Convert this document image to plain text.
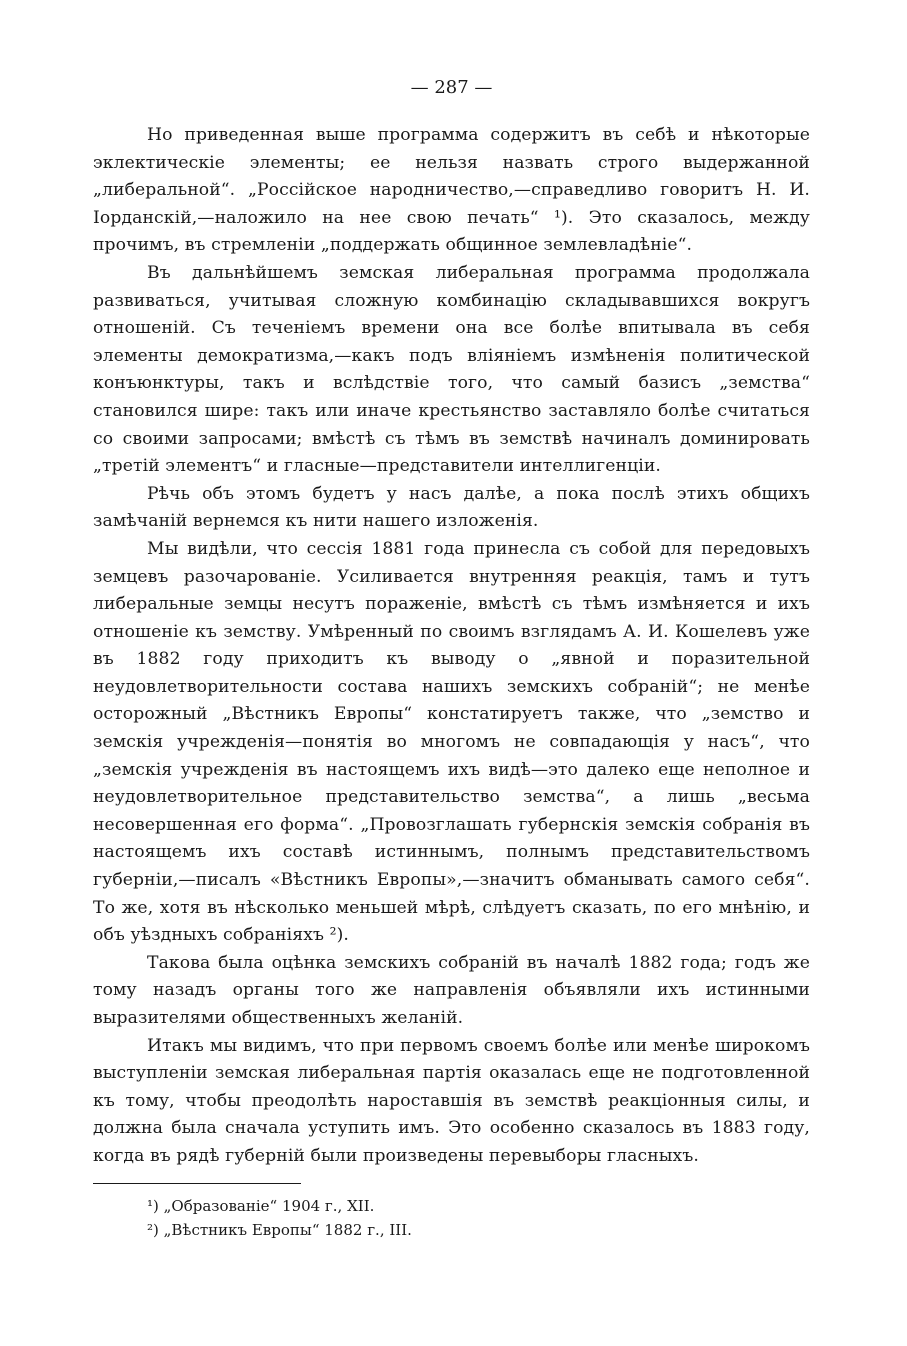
— 287 —

Но приведенная выше программа содержитъ въ себѣ и нѣкоторые эклектическіе элементы; ее нельзя назвать строго выдержанной „либеральной“. „Россійское народничество,—справедливо говоритъ Н. И. Іорданскій,—наложило на нее свою печать“ ¹). Это сказалось, между прочимъ, въ стремленіи „поддержать общинное землевладѣніе“.

Въ дальнѣйшемъ земская либеральная программа продолжала развиваться, учитывая сложную комбинацію складывавшихся вокругъ отношеній. Съ теченіемъ времени она все болѣе впитывала въ себя элементы демократизма,—какъ подъ вліяніемъ измѣненія политической конъюнктуры, такъ и вслѣдствіе того, что самый базисъ „земства“ становился шире: такъ или иначе крестьянство заставляло болѣе считаться со своими запросами; вмѣстѣ съ тѣмъ въ земствѣ начиналъ доминировать „третій элементъ“ и гласные—представители интеллигенціи.

Рѣчь объ этомъ будетъ у насъ далѣе, а пока послѣ этихъ общихъ замѣчаній вернемся къ нити нашего изложенія.

Мы видѣли, что сессія 1881 года принесла съ собой для передовыхъ земцевъ разочарованіе. Усиливается внутренняя реакція, тамъ и тутъ либеральные земцы несутъ пораженіе, вмѣстѣ съ тѣмъ измѣняется и ихъ отношеніе къ земству. Умѣренный по своимъ взглядамъ А. И. Кошелевъ уже въ 1882 году приходитъ къ выводу о „явной и поразительной неудовлетворительности состава нашихъ земскихъ собраній“; не менѣе осторожный „Вѣстникъ Европы“ констатируетъ также, что „земство и земскія учрежденія—понятія во многомъ не совпадающія у насъ“, что „земскія учрежденія въ настоящемъ ихъ видѣ—это далеко еще неполное и неудовлетворительное представительство земства“, а лишь „весьма несовершенная его форма“. „Провозглашать губернскія земскія собранія въ настоящемъ ихъ составѣ истиннымъ, полнымъ представительствомъ губерніи,—писалъ «Вѣстникъ Европы»,—значитъ обманывать самого себя“. То же, хотя въ нѣсколько меньшей мѣрѣ, слѣдуетъ сказать, по его мнѣнію, и объ уѣздныхъ собраніяхъ ²).

Такова была оцѣнка земскихъ собраній въ началѣ 1882 года; годъ же тому назадъ органы того же направленія объявляли ихъ истинными выразителями общественныхъ желаній.

Итакъ мы видимъ, что при первомъ своемъ болѣе или менѣе широкомъ выступленіи земская либеральная партія оказалась еще не подготовленной къ тому, чтобы преодолѣть нароставшія въ земствѣ реакціонныя силы, и должна была сначала уступить имъ. Это особенно сказалось въ 1883 году, когда въ рядѣ губерній были произведены перевыборы гласныхъ.

¹) „Образованіе“ 1904 г., XII.

²) „Вѣстникъ Европы“ 1882 г., III.
